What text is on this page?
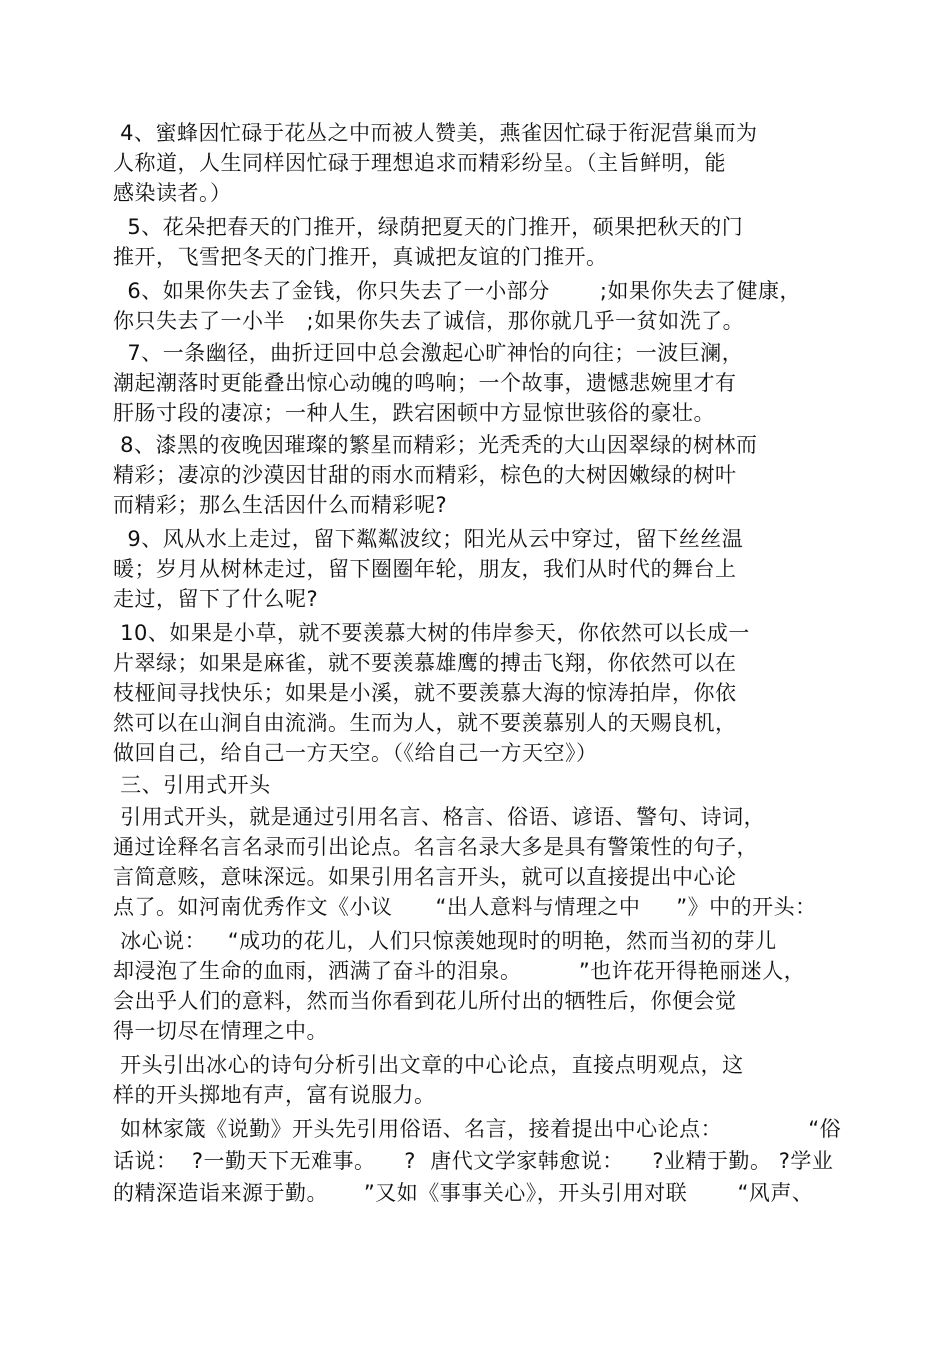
4、蜜蜂因忙碌于花丛之中而被人赞美，燕雀因忙碌于衔泥营巢而为
人称道，人生同样因忙碌于理想追求而精彩纷呈。（主旨鲜明，能
感染读者。）
5、花朵把春天的门推开，绿荫把夏天的门推开，硕果把秋天的门
推开，飞雪把冬天的门推开，真诚把友谊的门推开。
6、如果你失去了金钱，你只失去了一小部分       ;如果你失去了健康，
你只失去了一小半   ;如果你失去了诚信，那你就几乎一贫如洗了。
7、一条幽径，曲折迂回中总会激起心旷神怡的向往；一波巨澜，
潮起潮落时更能叠出惊心动魄的鸣响；一个故事，遗憾悲婉里才有
肝肠寸段的凄凉；一种人生，跌宕困顿中方显惊世骇俗的豪壮。
8、漆黑的夜晚因璀璨的繁星而精彩；光秃秃的大山因翠绿的树林而
精彩；凄凉的沙漠因甘甜的雨水而精彩，棕色的大树因嫩绿的树叶
而精彩；那么生活因什么而精彩呢?
9、风从水上走过，留下粼粼波纹；阳光从云中穿过，留下丝丝温
暖；岁月从树林走过，留下圈圈年轮，朋友，我们从时代的舞台上
走过，留下了什么呢?
10、如果是小草，就不要羡慕大树的伟岸参天，你依然可以长成一
片翠绿；如果是麻雀，就不要羡慕雄鹰的搏击飞翔，你依然可以在
枝桠间寻找快乐；如果是小溪，就不要羡慕大海的惊涛拍岸，你依
然可以在山涧自由流淌。生而为人，就不要羡慕别人的天赐良机，
做回自己，给自己一方天空。（《给自己一方天空》）
三、引用式开头
引用式开头，就是通过引用名言、格言、俗语、谚语、警句、诗词，
通过诠释名言名录而引出论点。名言名录大多是具有警策性的句子，
言简意赅，意味深远。如果引用名言开头，就可以直接提出中心论
点了。如河南优秀作文《小议      “出人意料与情理之中     ”》中的开头：
冰心说：   “成功的花儿，人们只惊羡她现时的明艳，然而当初的芽儿
却浸泡了生命的血雨，洒满了奋斗的泪泉。        ”也许花开得艳丽迷人，
会出乎人们的意料，然而当你看到花儿所付出的牺牲后，你便会觉
得一切尽在情理之中。
开头引出冰心的诗句分析引出文章的中心论点，直接点明观点，这
样的开头掷地有声，富有说服力。
如林家箴《说勤》开头先引用俗语、名言，接着提出中心论点：            “俗
话说：  ?一勤天下无难事。    ?  唐代文学家韩愈说：    ?业精于勤。 ?学业
的精深造诣来源于勤。     ”又如《事事关心》，开头引用对联       “风声、
